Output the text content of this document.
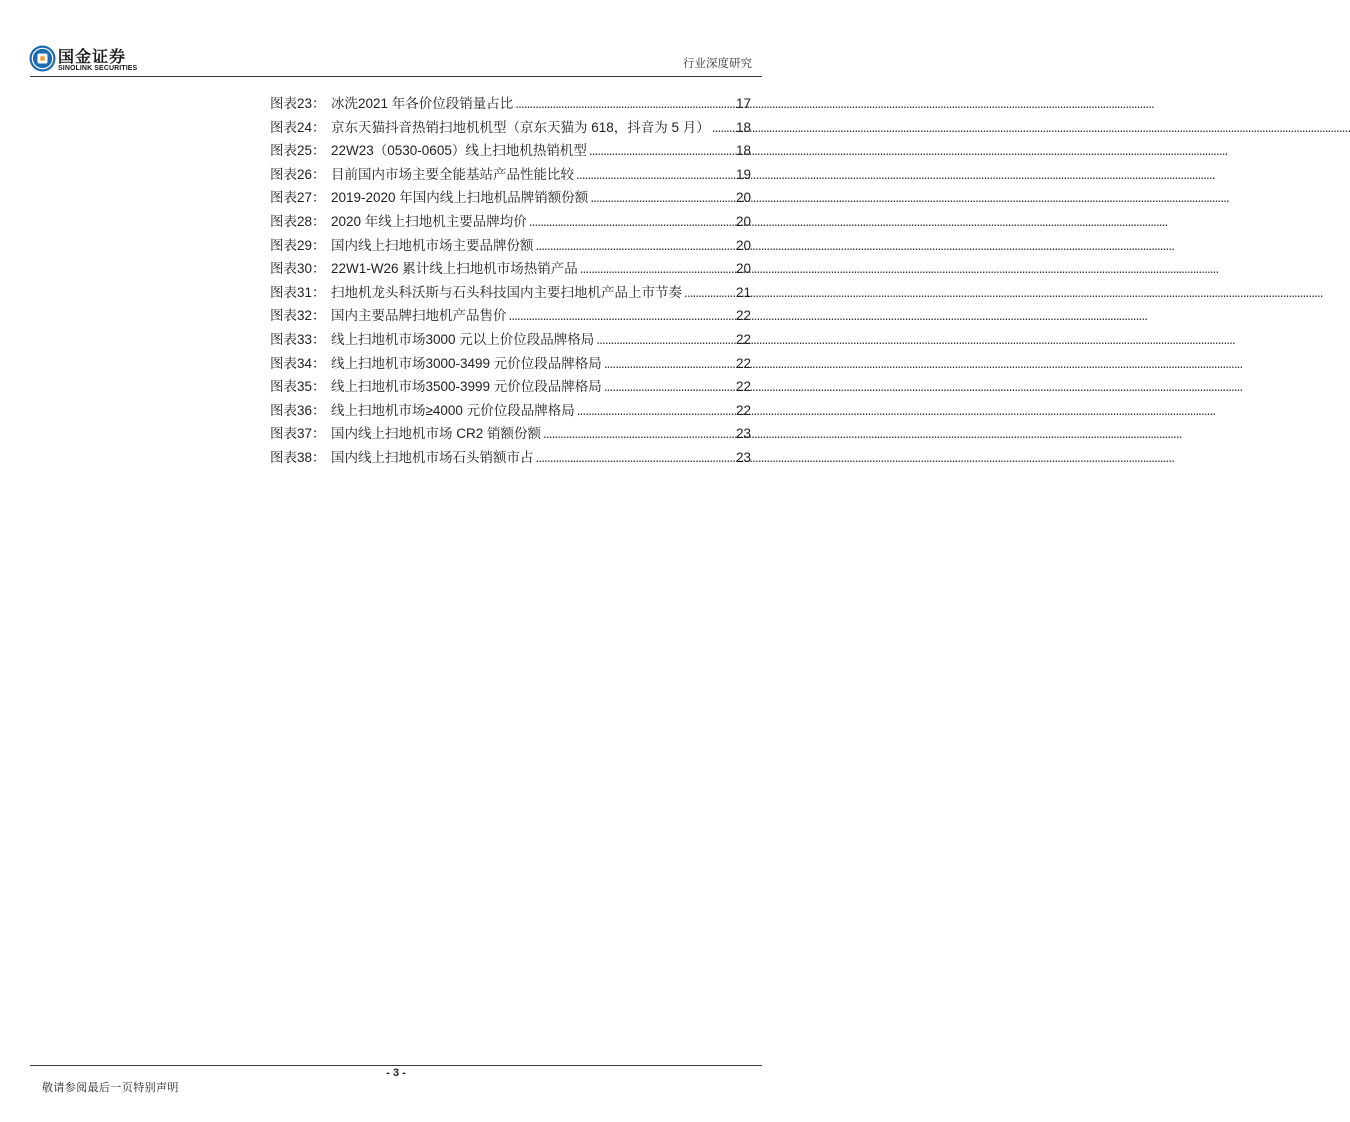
国金证券
SINOLINK SECURITIES	行业深度研究
图表23： 冰洗2021 年各价位段销量占比 .....	17
图表24： 京东天猫抖音热销扫地机机型（京东天猫为 618，抖音为 5 月） ..... 18
图表25： 22W23（0530-0605）线上扫地机热销机型 .....	18
图表26： 目前国内市场主要全能基站产品性能比较 .....	19
图表27： 2019-2020 年国内线上扫地机品牌销额份额 .....	20
图表28： 2020 年线上扫地机主要品牌均价 .....	20
图表29： 国内线上扫地机市场主要品牌份额 .....	20
图表30： 22W1-W26 累计线上扫地机市场热销产品 .....	20
图表31： 扫地机龙头科沃斯与石头科技国内主要扫地机产品上市节奏 .....	21
图表32： 国内主要品牌扫地机产品售价 .....	22
图表33： 线上扫地机市场3000 元以上价位段品牌格局 .....	22
图表34： 线上扫地机市场3000-3499 元价位段品牌格局 .....	22
图表35： 线上扫地机市场3500-3999 元价位段品牌格局 .....	22
图表36： 线上扫地机市场≥4000 元价位段品牌格局 .....	22
图表37： 国内线上扫地机市场 CR2 销额份额 .....	23
图表38： 国内线上扫地机市场石头销额市占 .....	23
- 3 -
敬请参阅最后一页特别声明
